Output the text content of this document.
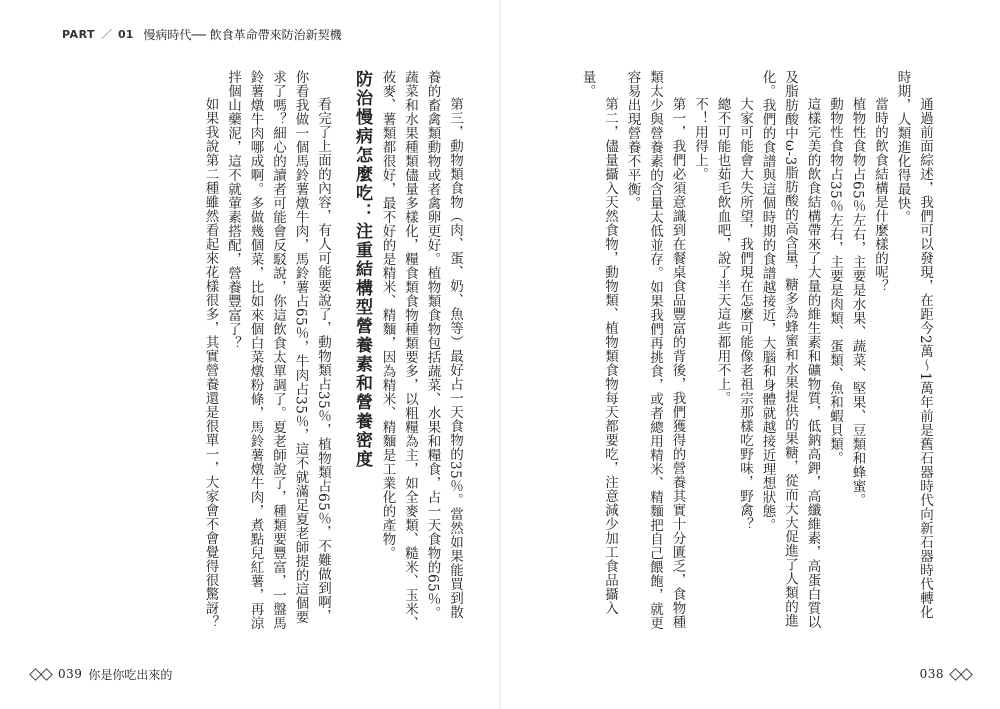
PART ／ 01 慢病時代── 飲食革命帶來防治新契機

通過前面綜述，我們可以發現，在距今2萬〜1萬年前是舊石器時代向新石器時代轉化時期，人類進化得最快。

當時的飲食結構是什麼樣的呢？

植物性食物占65％左右，主要是水果、蔬菜、堅果、豆類和蜂蜜。

動物性食物占35％左右，主要是肉類、蛋類、魚和蝦貝類。

這樣完美的飲食結構帶來了大量的維生素和礦物質，低鈉高鉀，高纖維素，高蛋白質以及脂肪酸中ω-3脂肪酸的高含量，糖多為蜂蜜和水果提供的果糖，從而大大促進了人類的進化。我們的食譜與這個時期的食譜越接近，大腦和身體就越接近理想狀態。

大家可能會大失所望，我們現在怎麼可能像老祖宗那樣吃野味，野禽？

總不可能也茹毛飲血吧，說了半天這些都用不上。

不！用得上。

第一，我們必須意識到在餐桌食品豐富的背後，我們獲得的營養其實十分匱乏，食物種類太少與營養素的含量太低並存。如果我們再挑食，或者總用精米、精麵把自己餵飽，就更容易出現營養不平衡。

第二，儘量攝入天然食物，動物類、植物類食物每天都要吃，注意減少加工食品攝入量。

第三，動物類食物（肉、蛋、奶、魚等）最好占一天食物的35％。當然如果能買到散養的畜禽類動物或者禽卵更好。植物類食物包括蔬菜、水果和糧食，占一天食物的65％。蔬菜和水果種類儘量多樣化，糧食類食物種類要多，以粗糧為主，如全麥類、糙米、玉米、莜麥、薯類都很好，最不好的是精米、精麵，因為精米、精麵是工業化的產物。

防治慢病怎麼吃：注重結構型營養素和營養密度

看完了上面的內容，有人可能要說了，動物類占35％，植物類占65％，不難做到啊，你看我做一個馬鈴薯燉牛肉，馬鈴薯占65％，牛肉占35％，這不就滿足夏老師提的這個要求了嗎？細心的讀者可能會反駁說，你這飲食太單調了。夏老師說了，種類要豐富，一盤馬鈴薯燉牛肉哪成啊。多做幾個菜，比如來個白菜燉粉條，馬鈴薯燉牛肉，煮點兒紅薯，再涼拌個山藥泥，這不就葷素搭配，營養豐富了？

如果我說第二種雖然看起來花樣很多，其實營養還是很單一，大家會不會覺得很驚訝？

039 你是你吃出來的	038
